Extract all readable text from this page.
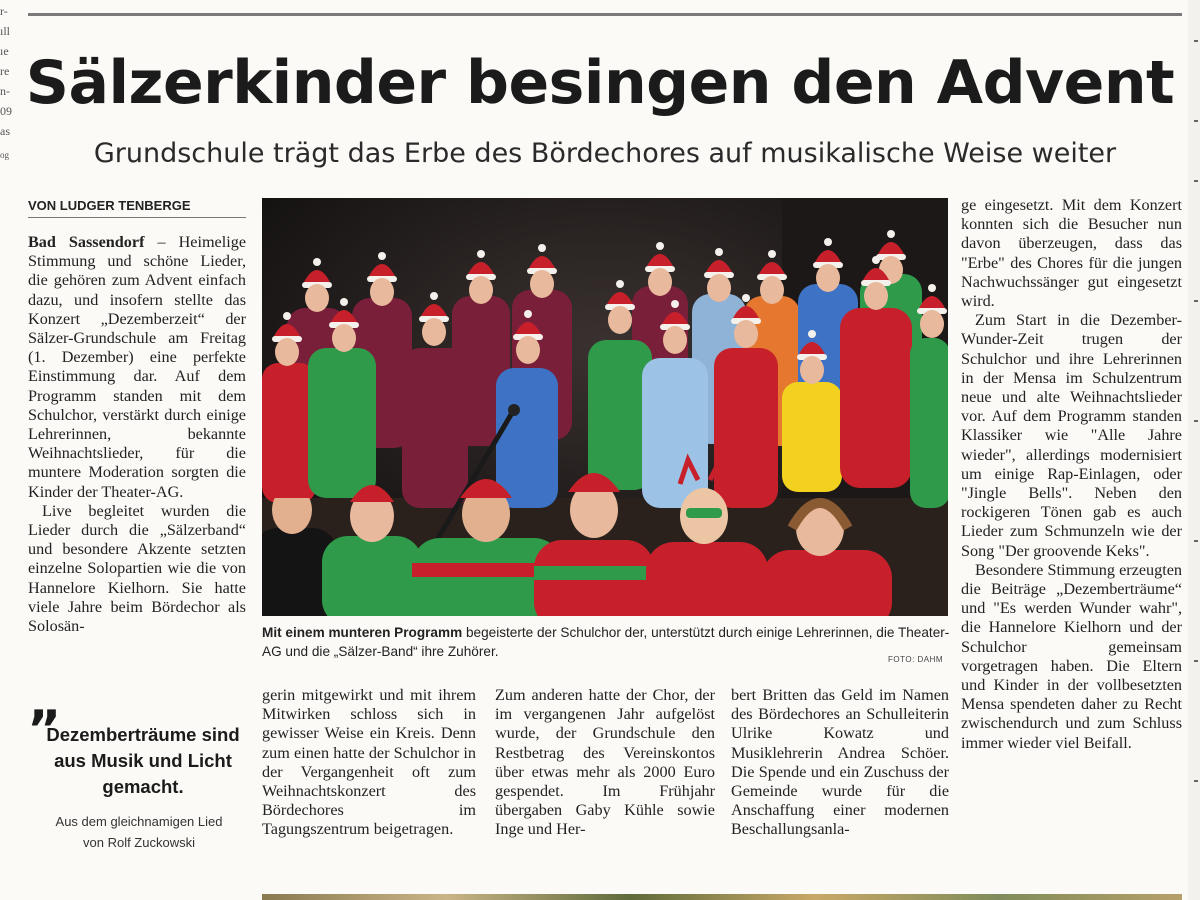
r-
ıll
ıe
re
n-
09
as
og
Sälzerkinder besingen den Advent
Grundschule trägt das Erbe des Bördechores auf musikalische Weise weiter
VON LUDGER TENBERGE

Bad Sassendorf – Heimelige Stimmung und schöne Lieder, die gehören zum Advent einfach dazu, und insofern stellte das Konzert „Dezemberzeit“ der Sälzer-Grundschule am Freitag (1. Dezember) eine perfekte Einstimmung dar. Auf dem Programm standen mit dem Schulchor, verstärkt durch einige Lehrerinnen, bekannte Weihnachtslieder, für die muntere Moderation sorgten die Kinder der Theater-AG.

Live begleitet wurden die Lieder durch die „Sälzerband“ und besondere Akzente setzten einzelne Solopartien wie die von Hannelore Kielhorn. Sie hatte viele Jahre beim Bördechor als Solosän-	Mit einem munteren Programm begeisterte der Schulchor der, unterstützt durch einige Lehrerinnen, die Theater-AG und die „Sälzer-Band“ ihre Zuhörer.
FOTO: DAHM

ge eingesetzt. Mit dem Konzert konnten sich die Besucher nun davon überzeugen, dass das "Erbe" des Chores für die jungen Nachwuchssänger gut eingesetzt wird.

Zum Start in die Dezember-Wunder-Zeit trugen der Schulchor und ihre Lehrerinnen in der Mensa im Schulzentrum neue und alte Weihnachtslieder vor. Auf dem Programm standen Klassiker wie "Alle Jahre wieder", allerdings modernisiert um einige Rap-Einlagen, oder "Jingle Bells". Neben den rockigeren Tönen gab es auch Lieder zum Schmunzeln wie der Song "Der groovende Keks".

Besondere Stimmung erzeugten die Beiträge „Dezemberträume“ und "Es werden Wunder wahr", die Hannelore Kielhorn und der Schulchor gemeinsam vorgetragen haben. Die Eltern und Kinder in der vollbesetzten Mensa spendeten daher zu Recht zwischendurch und zum Schluss immer wieder viel Beifall.

gerin mitgewirkt und mit ihrem Mitwirken schloss sich in gewisser Weise ein Kreis. Denn zum einen hatte der Schulchor in der Vergangenheit oft zum Weihnachtskonzert des Bördechores im Tagungszentrum beigetragen.

Zum anderen hatte der Chor, der im vergangenen Jahr aufgelöst wurde, der Grundschule den Restbetrag des Vereinskontos über etwas mehr als 2000 Euro gespendet. Im Frühjahr übergaben Gaby Kühle sowie Inge und Her-

bert Britten das Geld im Namen des Bördechores an Schulleiterin Ulrike Kowatz und Musiklehrerin Andrea Schöer. Die Spende und ein Zuschuss der Gemeinde wurde für die Anschaffung einer modernen Beschallungsanla-

”
Dezemberträume sind aus Musik und Licht gemacht.
Aus dem gleichnamigen Lied
von Rolf Zuckowski
